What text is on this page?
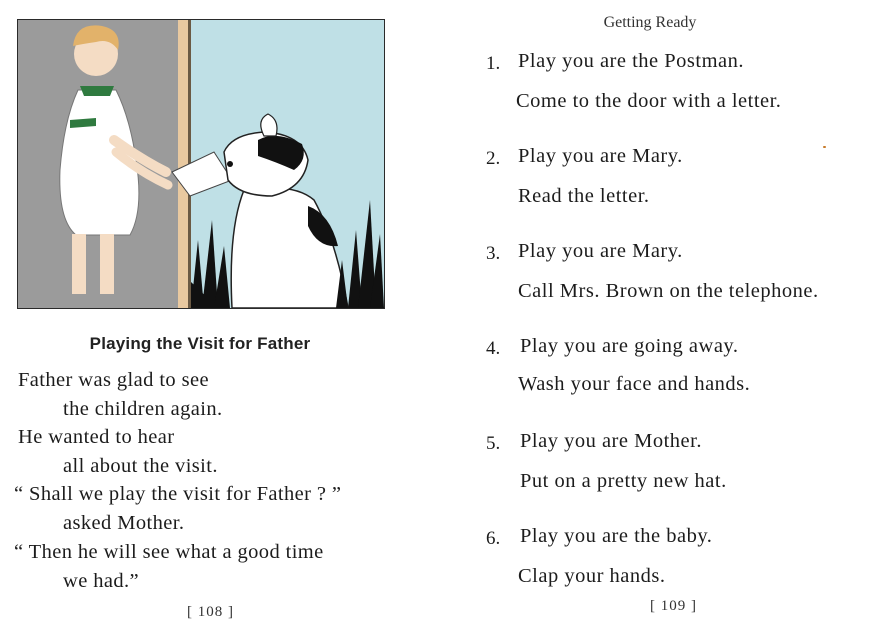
Playing the Visit for Father
Father was glad to see
the children again.
He wanted to hear
all about the visit.
“ Shall we play the visit for Father ? ”
asked Mother.
“ Then he will see what a good time
we had.”
[ 108 ]
Getting Ready
1. Play you are the Postman.
Come to the door with a letter.
2. Play you are Mary.
Read the letter.
3. Play you are Mary.
Call Mrs. Brown on the telephone.
4. Play you are going away.
Wash your face and hands.
5. Play you are Mother.
Put on a pretty new hat.
6. Play you are the baby.
Clap your hands.
[ 109 ]
